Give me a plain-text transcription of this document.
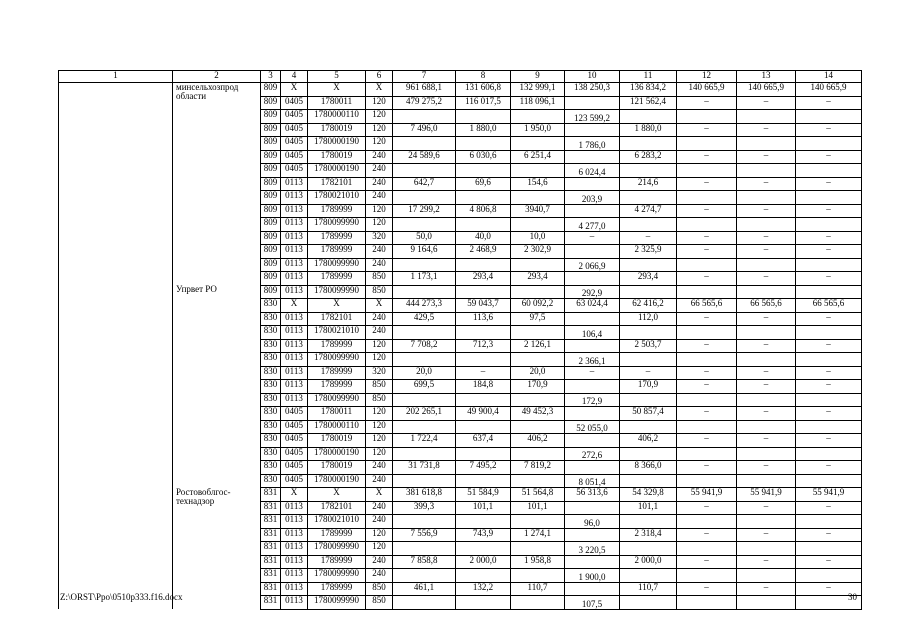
1	2	3	4	5	6	7	8	9	10	11	12	13	14

	минсельхозпрод
области	809	X	X	X	961 688,1	131 606,8	132 999,1	138 250,3	136 834,2	140 665,9	140 665,9	140 665,9
		809	0405	1780011	120	479 275,2	116 017,5	118 096,1		121 562,4	–	–	–
		809	0405	1780000110	120				123 599,2				
		809	0405	1780019	120	7 496,0	1 880,0	1 950,0		1 880,0	–	–	–
		809	0405	1780000190	120				1 786,0				
		809	0405	1780019	240	24 589,6	6 030,6	6 251,4		6 283,2	–	–	–
		809	0405	1780000190	240				6 024,4				
		809	0113	1782101	240	642,7	69,6	154,6		214,6	–	–	–
		809	0113	1780021010	240				203,9				
		809	0113	1789999	120	17 299,2	4 806,8	3940,7		4 274,7	–	–	–
		809	0113	1780099990	120				4 277,0				
		809	0113	1789999	320	50,0	40,0	10,0	–	–	–	–	–
		809	0113	1789999	240	9 164,6	2 468,9	2 302,9		2 325,9	–	–	–
		809	0113	1780099990	240				2 066,9				
		809	0113	1789999	850	1 173,1	293,4	293,4		293,4	–	–	–

	Упрвет РО	809	0113	1780099990	850				292,9				
		830	X	X	X	444 273,3	59 043,7	60 092,2	63 024,4	62 416,2	66 565,6	66 565,6	66 565,6
		830	0113	1782101	240	429,5	113,6	97,5		112,0	–	–	–
		830	0113	1780021010	240				106,4				
		830	0113	1789999	120	7 708,2	712,3	2 126,1		2 503,7	–	–	–
		830	0113	1780099990	120				2 366,1				
		830	0113	1789999	320	20,0	–	20,0	–	–	–	–	–
		830	0113	1789999	850	699,5	184,8	170,9		170,9	–	–	–
		830	0113	1780099990	850				172,9				
		830	0405	1780011	120	202 265,1	49 900,4	49 452,3		50 857,4	–	–	–
		830	0405	1780000110	120				52 055,0				
		830	0405	1780019	120	1 722,4	637,4	406,2		406,2	–	–	–
		830	0405	1780000190	120				272,6				
		830	0405	1780019	240	31 731,8	7 495,2	7 819,2		8 366,0	–	–	–
		830	0405	1780000190	240				8 051,4				

	Ростовоблгос-
технадзор	831	X	X	X	381 618,8	51 584,9	51 564,8	56 313,6	54 329,8	55 941,9	55 941,9	55 941,9
		831	0113	1782101	240	399,3	101,1	101,1		101,1	–	–	–
		831	0113	1780021010	240				96,0				
		831	0113	1789999	120	7 556,9	743,9	1 274,1		2 318,4	–	–	–
		831	0113	1780099990	120				3 220,5				
		831	0113	1789999	240	7 858,8	2 000,0	1 958,8		2 000,0	–	–	–
		831	0113	1780099990	240				1 900,0				
		831	0113	1789999	850	461,1	132,2	110,7		110,7	–	–	–
		831	0113	1780099990	850				107,5				
Z:\ORST\Ppo\0510p333.f16.docx	30
